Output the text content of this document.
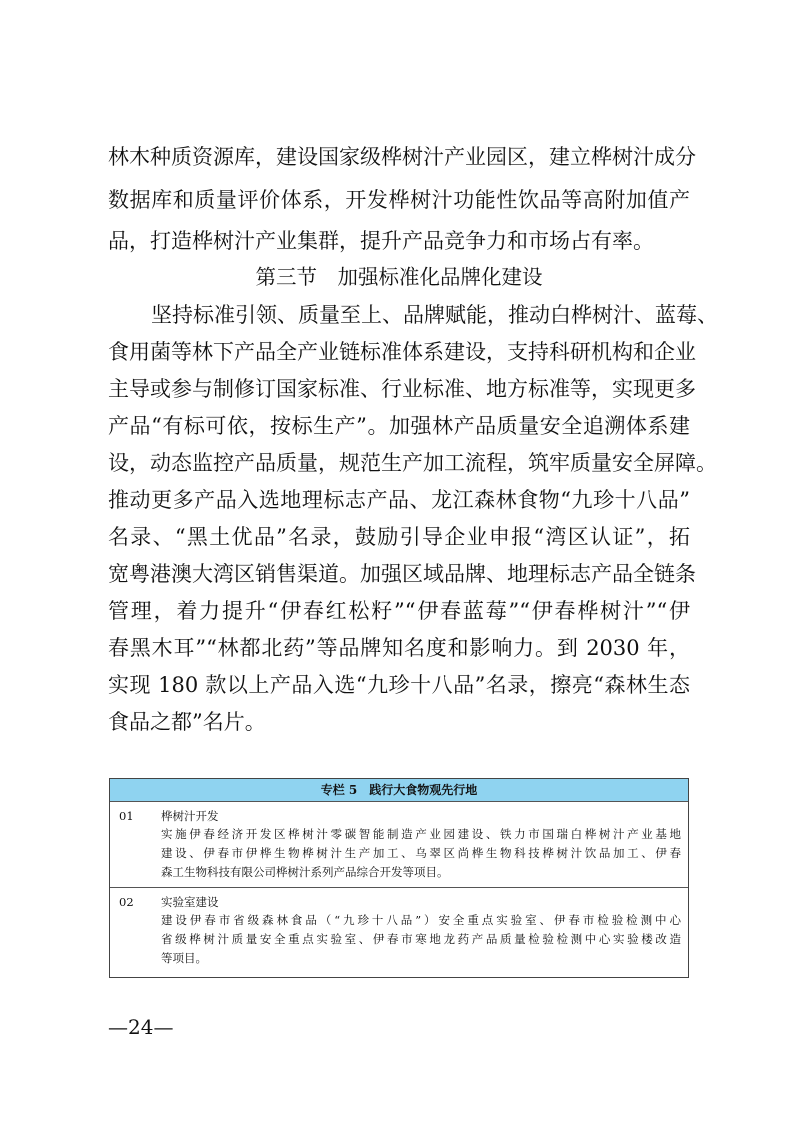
林木种质资源库，建设国家级桦树汁产业园区，建立桦树汁成分
数据库和质量评价体系，开发桦树汁功能性饮品等高附加值产
品，打造桦树汁产业集群，提升产品竞争力和市场占有率。
第三节　加强标准化品牌化建设
坚持标准引领、质量至上、品牌赋能，推动白桦树汁、蓝莓、
食用菌等林下产品全产业链标准体系建设，支持科研机构和企业
主导或参与制修订国家标准、行业标准、地方标准等，实现更多
产品“有标可依，按标生产”。加强林产品质量安全追溯体系建
设，动态监控产品质量，规范生产加工流程，筑牢质量安全屏障。
推动更多产品入选地理标志产品、龙江森林食物“九珍十八品”
名录、“黑土优品”名录，鼓励引导企业申报“湾区认证”，拓
宽粤港澳大湾区销售渠道。加强区域品牌、地理标志产品全链条
管理，着力提升“伊春红松籽”“伊春蓝莓”“伊春桦树汁”“伊
春黑木耳”“林都北药”等品牌知名度和影响力。到 2030 年，
实现 180 款以上产品入选“九珍十八品”名录，擦亮“森林生态
食品之都”名片。
专栏 5　践行大食物观先行地
01 桦树汁开发
实施伊春经济开发区桦树汁零碳智能制造产业园建设、铁力市国瑞白桦树汁产业基地
建设、伊春市伊桦生物桦树汁生产加工、乌翠区尚桦生物科技桦树汁饮品加工、伊春
森工生物科技有限公司桦树汁系列产品综合开发等项目。
02 实验室建设
建设伊春市省级森林食品（“九珍十八品”）安全重点实验室、伊春市检验检测中心
省级桦树汁质量安全重点实验室、伊春市寒地龙药产品质量检验检测中心实验楼改造
等项目。
—24—
